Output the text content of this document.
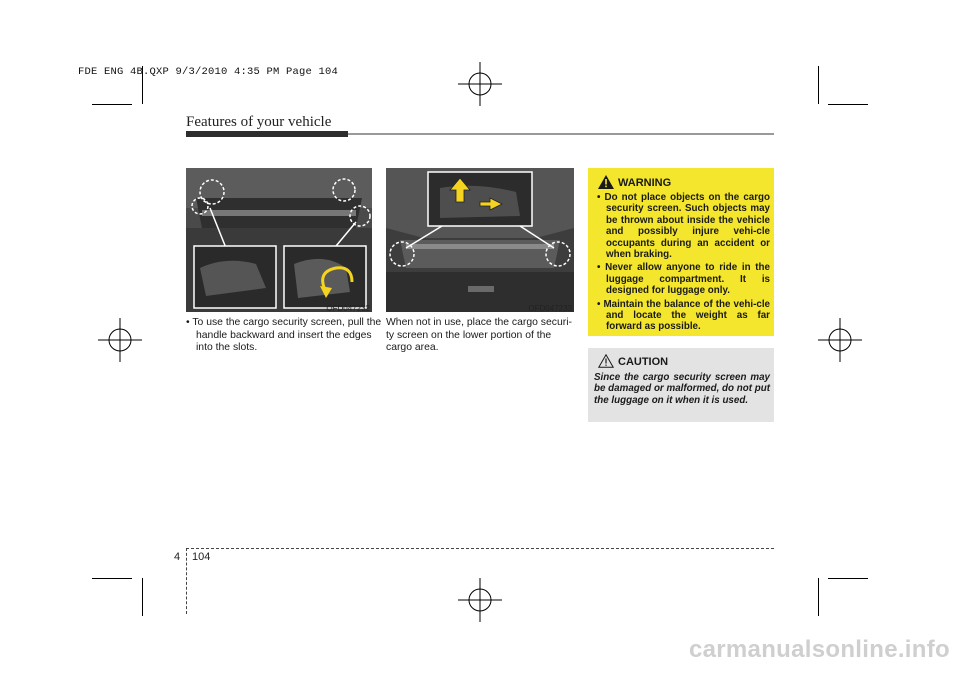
FDE ENG 4B.QXP 9/3/2010 4:35 PM Page 104
Features of your vehicle
OFD047232	OFD047233
• To use the cargo security screen, pull the handle backward and insert the edges into the slots.
When not in use, place the cargo securi-ty screen on the lower portion of the cargo area.
WARNING
• Do not place objects on the cargo security screen. Such objects may be thrown about inside the vehicle and possibly injure vehi-cle occupants during an accident or when braking.
• Never allow anyone to ride in the luggage compartment. It is designed for luggage only.
• Maintain the balance of the vehi-cle and locate the weight as far forward as possible.
CAUTION
Since the cargo security screen may be damaged or malformed, do not put the luggage on it when it is used.
4 104
carmanualsonline.info
